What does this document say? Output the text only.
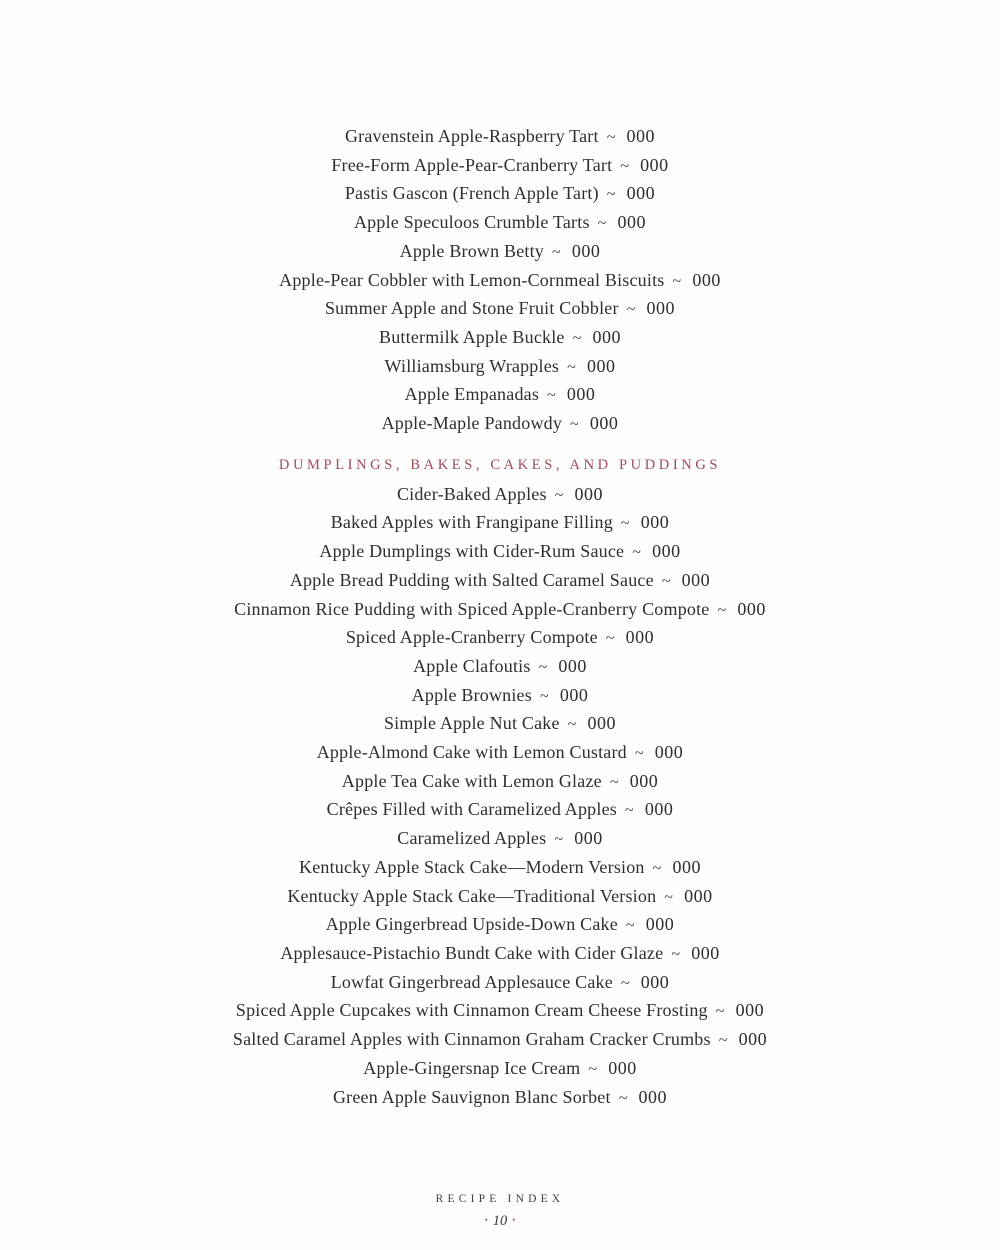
Gravenstein Apple-Raspberry Tart ~ 000
Free-Form Apple-Pear-Cranberry Tart ~ 000
Pastis Gascon (French Apple Tart) ~ 000
Apple Speculoos Crumble Tarts ~ 000
Apple Brown Betty ~ 000
Apple-Pear Cobbler with Lemon-Cornmeal Biscuits ~ 000
Summer Apple and Stone Fruit Cobbler ~ 000
Buttermilk Apple Buckle ~ 000
Williamsburg Wrapples ~ 000
Apple Empanadas ~ 000
Apple-Maple Pandowdy ~ 000
DUMPLINGS, BAKES, CAKES, AND PUDDINGS
Cider-Baked Apples ~ 000
Baked Apples with Frangipane Filling ~ 000
Apple Dumplings with Cider-Rum Sauce ~ 000
Apple Bread Pudding with Salted Caramel Sauce ~ 000
Cinnamon Rice Pudding with Spiced Apple-Cranberry Compote ~ 000
Spiced Apple-Cranberry Compote ~ 000
Apple Clafoutis ~ 000
Apple Brownies ~ 000
Simple Apple Nut Cake ~ 000
Apple-Almond Cake with Lemon Custard ~ 000
Apple Tea Cake with Lemon Glaze ~ 000
Crêpes Filled with Caramelized Apples ~ 000
Caramelized Apples ~ 000
Kentucky Apple Stack Cake—Modern Version ~ 000
Kentucky Apple Stack Cake—Traditional Version ~ 000
Apple Gingerbread Upside-Down Cake ~ 000
Applesauce-Pistachio Bundt Cake with Cider Glaze ~ 000
Lowfat Gingerbread Applesauce Cake ~ 000
Spiced Apple Cupcakes with Cinnamon Cream Cheese Frosting ~ 000
Salted Caramel Apples with Cinnamon Graham Cracker Crumbs ~ 000
Apple-Gingersnap Ice Cream ~ 000
Green Apple Sauvignon Blanc Sorbet ~ 000
RECIPE INDEX
• 10 •
